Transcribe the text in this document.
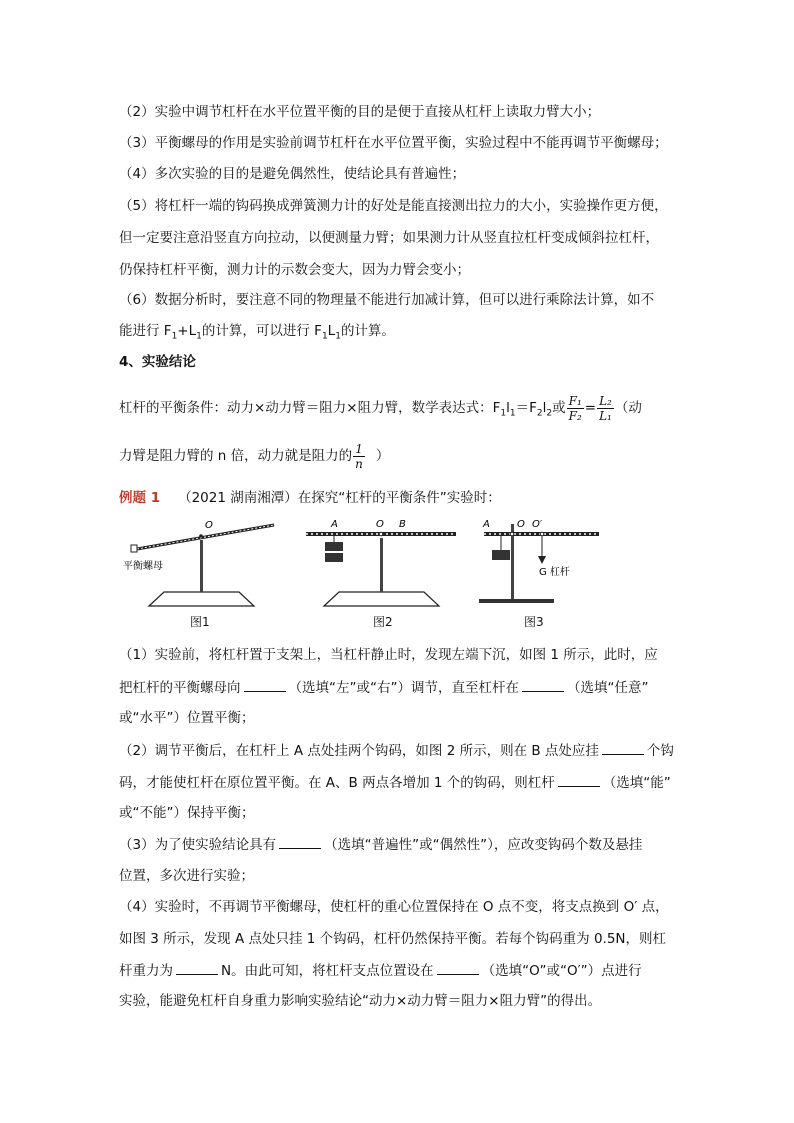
（2）实验中调节杠杆在水平位置平衡的目的是便于直接从杠杆上读取力臂大小；
（3）平衡螺母的作用是实验前调节杠杆在水平位置平衡，实验过程中不能再调节平衡螺母；
（4）多次实验的目的是避免偶然性，使结论具有普遍性；
（5）将杠杆一端的钩码换成弹簧测力计的好处是能直接测出拉力的大小，实验操作更方便，
但一定要注意沿竖直方向拉动，以便测量力臂；如果测力计从竖直拉杠杆变成倾斜拉杠杆，
仍保持杠杆平衡，测力计的示数会变大，因为力臂会变小；
（6）数据分析时，要注意不同的物理量不能进行加减计算，但可以进行乘除法计算，如不
能进行 $F_1+L_1$的计算，可以进行 $F_1L_1$的计算。
4、实验结论
杠杆的平衡条件：动力×动力臂＝阻力×阻力臂，数学表达式：$F_1l_1=F_2l_2$或 $\frac{\text{F₁}}{\text{F₂}} = \frac{\text{L₂}}{\text{L₁}}$ （动
力臂是阻力臂的 n 倍，动力就是阻力的 $\frac{1}{n}$ ）
例题 1 （2021 湖南湘潭）在探究“杠杆的平衡条件”实验时：
O
平衡螺母
A	O B	A	O O′
G 杠杆
图1	图2	图3
（1）实验前，将杠杆置于支架上，当杠杆静止时，发现左端下沉，如图 1 所示，此时，应
把杠杆的平衡螺母向	（选填“左”或“右”）调节，直至杠杆在	（选填“任意”
或“水平”）位置平衡；
（2）调节平衡后，在杠杆上 A 点处挂两个钩码，如图 2 所示，则在 B 点处应挂	个钩
码，才能使杠杆在原位置平衡。在 A、B 两点各增加 1 个的钩码，则杠杆	（选填“能”
或“不能”）保持平衡；
（3）为了使实验结论具有	（选填“普遍性”或“偶然性”），应改变钩码个数及悬挂
位置，多次进行实验；
（4）实验时，不再调节平衡螺母，使杠杆的重心位置保持在 O 点不变，将支点换到 O′ 点，
如图 3 所示，发现 A 点处只挂 1 个钩码，杠杆仍然保持平衡。若每个钩码重为 0.5N，则杠
杆重力为	N。由此可知，将杠杆支点位置设在	（选填“O”或“O′”）点进行
实验，能避免杠杆自身重力影响实验结论“动力×动力臂＝阻力×阻力臂”的得出。
